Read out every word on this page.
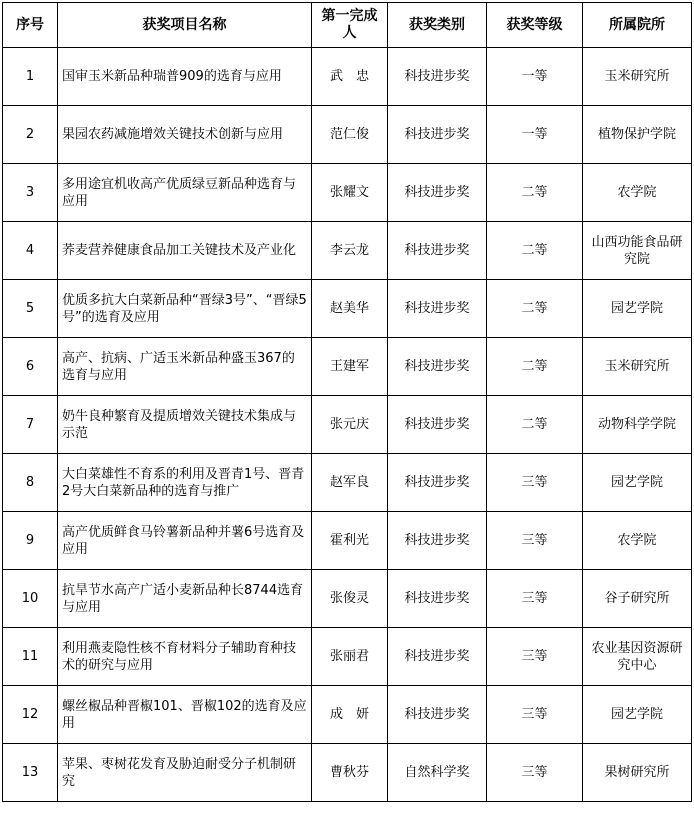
序号	获奖项目名称	第一完成人	获奖类别	获奖等级	所属院所
1	国审玉米新品种瑞普909的选育与应用	武　忠	科技进步奖	一等	玉米研究所
2	果园农药减施增效关键技术创新与应用	范仁俊	科技进步奖	一等	植物保护学院
3	多用途宜机收高产优质绿豆新品种选育与应用	张耀文	科技进步奖	二等	农学院
4	荞麦营养健康食品加工关键技术及产业化	李云龙	科技进步奖	二等	山西功能食品研究院
5	优质多抗大白菜新品种“晋绿3号”、“晋绿5号”的选育及应用	赵美华	科技进步奖	二等	园艺学院
6	高产、抗病、广适玉米新品种盛玉367的选育与应用	王建军	科技进步奖	二等	玉米研究所
7	奶牛良种繁育及提质增效关键技术集成与示范	张元庆	科技进步奖	二等	动物科学学院
8	大白菜雄性不育系的利用及晋青1号、晋青2号大白菜新品种的选育与推广	赵军良	科技进步奖	三等	园艺学院
9	高产优质鲜食马铃薯新品种并薯6号选育及应用	霍利光	科技进步奖	三等	农学院
10	抗旱节水高产广适小麦新品种长8744选育与应用	张俊灵	科技进步奖	三等	谷子研究所
11	利用燕麦隐性核不育材料分子辅助育种技术的研究与应用	张丽君	科技进步奖	三等	农业基因资源研究中心
12	螺丝椒品种晋椒101、晋椒102的选育及应用	成　妍	科技进步奖	三等	园艺学院
13	苹果、枣树花发育及胁迫耐受分子机制研究	曹秋芬	自然科学奖	三等	果树研究所
